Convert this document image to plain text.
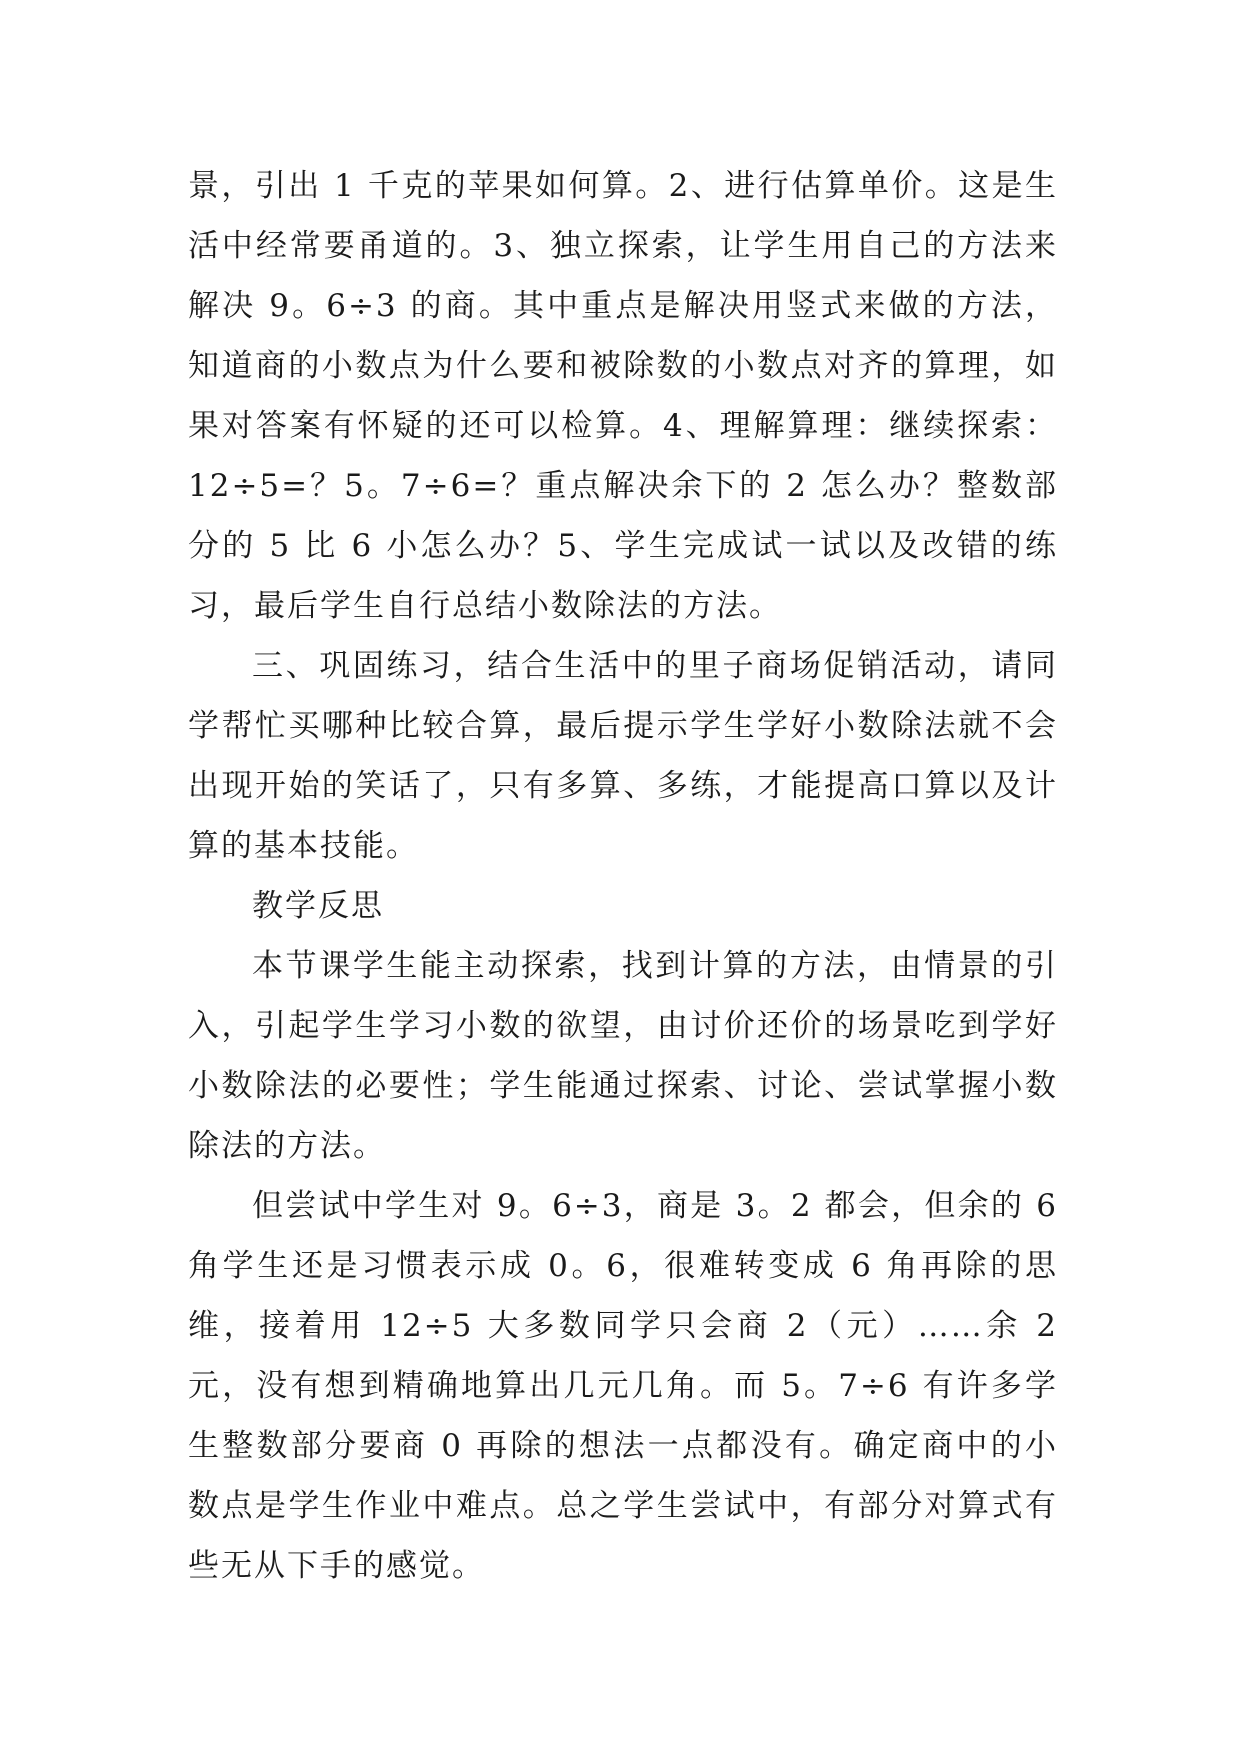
景，引出 1 千克的苹果如何算。2、进行估算单价。这是生活中经常要甬道的。3、独立探索，让学生用自己的方法来解决 9。6÷3 的商。其中重点是解决用竖式来做的方法，知道商的小数点为什么要和被除数的小数点对齐的算理，如果对答案有怀疑的还可以检算。4、理解算理：继续探索：12÷5=？5。7÷6=？重点解决余下的 2 怎么办？整数部分的 5 比 6 小怎么办？5、学生完成试一试以及改错的练习，最后学生自行总结小数除法的方法。

三、巩固练习，结合生活中的里子商场促销活动，请同学帮忙买哪种比较合算，最后提示学生学好小数除法就不会出现开始的笑话了，只有多算、多练，才能提高口算以及计算的基本技能。

教学反思

本节课学生能主动探索，找到计算的方法，由情景的引入，引起学生学习小数的欲望，由讨价还价的场景吃到学好小数除法的必要性；学生能通过探索、讨论、尝试掌握小数除法的方法。

但尝试中学生对 9。6÷3，商是 3。2 都会，但余的 6 角学生还是习惯表示成 0。6，很难转变成 6 角再除的思维，接着用 12÷5 大多数同学只会商 2（元）……余 2 元，没有想到精确地算出几元几角。而 5。7÷6 有许多学生整数部分要商 0 再除的想法一点都没有。确定商中的小数点是学生作业中难点。总之学生尝试中，有部分对算式有些无从下手的感觉。
